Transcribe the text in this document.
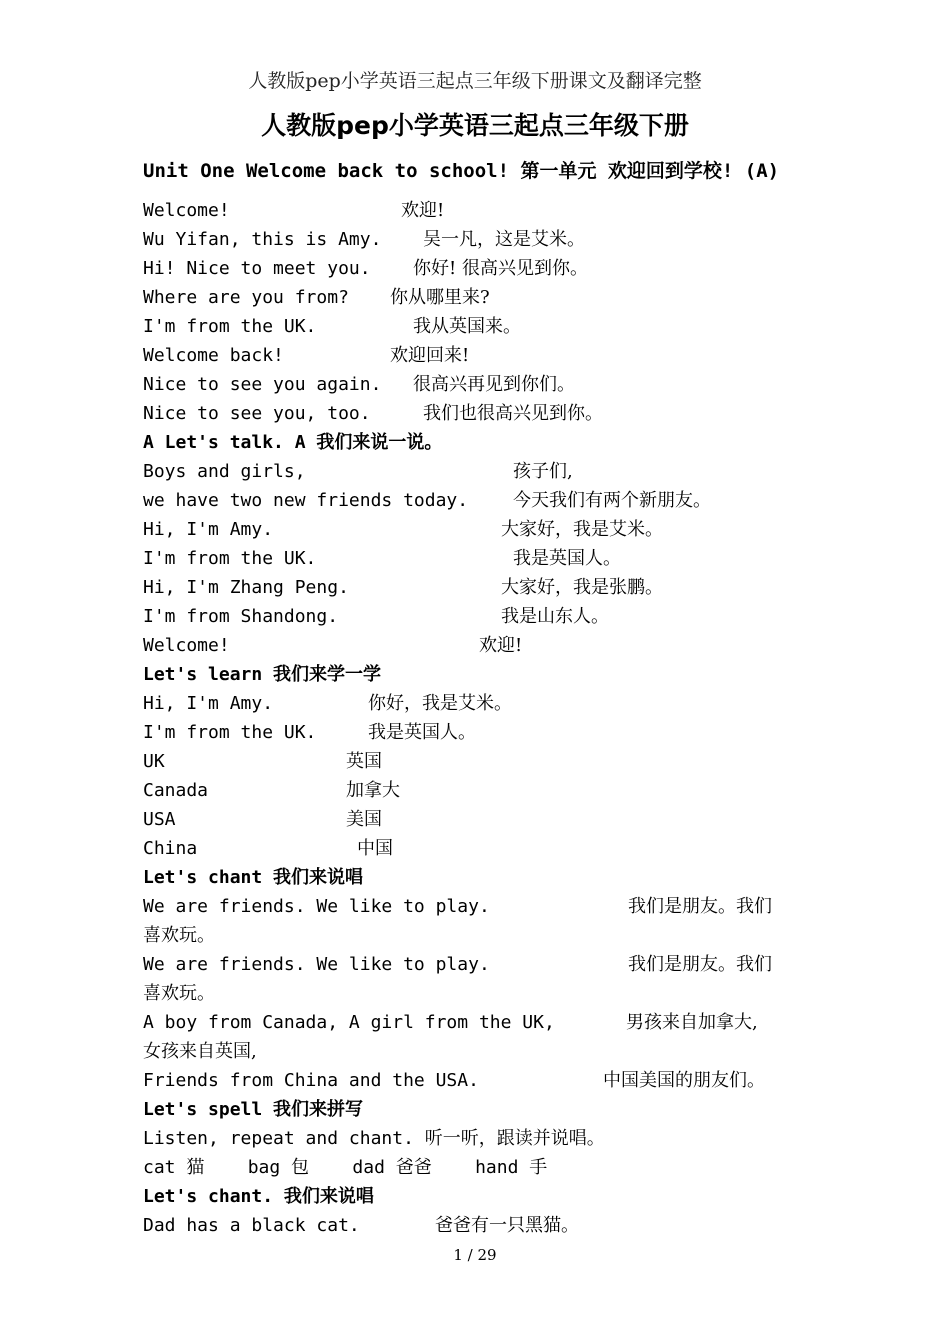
人教版pep小学英语三起点三年级下册课文及翻译完整
人教版pep小学英语三起点三年级下册
Unit One Welcome back to school! 第一单元 欢迎回到学校! (A)
Welcome!	欢迎!
Wu Yifan, this is Amy. 吴一凡，这是艾米。
Hi! Nice to meet you. 你好! 很高兴见到你。
Where are you from? 你从哪里来?
I'm from the UK.	我从英国来。
Welcome back!	欢迎回来!
Nice to see you again. 很高兴再见到你们。
Nice to see you, too.	我们也很高兴见到你。
A Let's talk. A 我们来说一说。
Boys and girls,	孩子们,
we have two new friends today. 今天我们有两个新朋友。
Hi, I'm Amy.	大家好，我是艾米。
I'm from the UK.	我是英国人。
Hi, I'm Zhang Peng.	大家好，我是张鹏。
I'm from Shandong.	我是山东人。
Welcome!	欢迎!
Let's learn 我们来学一学
Hi, I'm Amy.	你好，我是艾米。
I'm from the UK.	我是英国人。
UK	英国
Canada	加拿大
USA	美国
China	中国
Let's chant 我们来说唱
We are friends. We like to play.	我们是朋友。我们
喜欢玩。
We are friends. We like to play.	我们是朋友。我们
喜欢玩。
A boy from Canada, A girl from the UK,	男孩来自加拿大,
女孩来自英国,
Friends from China and the USA.	中国美国的朋友们。
Let's spell 我们来拼写
Listen, repeat and chant. 听一听，跟读并说唱。
cat 猫    bag 包    dad 爸爸    hand 手
Let's chant. 我们来说唱
Dad has a black cat.	爸爸有一只黑猫。
1 / 29
